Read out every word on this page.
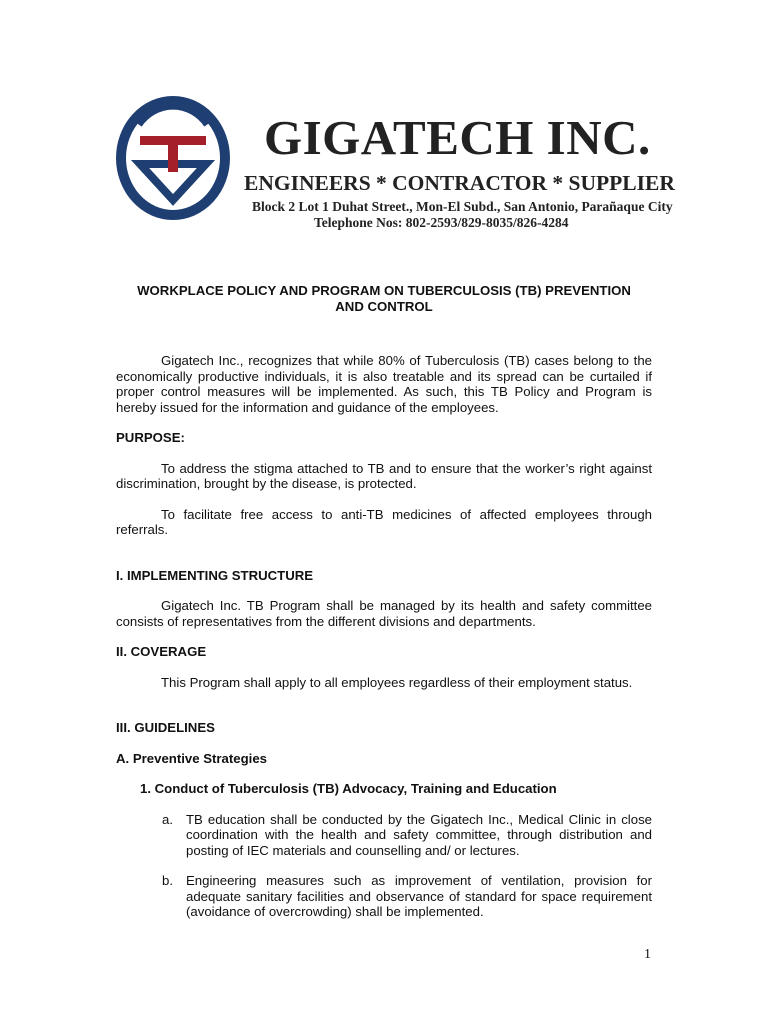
GIGATECH INC.
ENGINEERS * CONTRACTOR * SUPPLIER
Block 2 Lot 1 Duhat Street., Mon-El Subd., San Antonio, Parañaque City
Telephone Nos: 802-2593/829-8035/826-4284

WORKPLACE POLICY AND PROGRAM ON TUBERCULOSIS (TB) PREVENTION

AND CONTROL

Gigatech Inc., recognizes that while 80% of Tuberculosis (TB) cases belong to the economically productive individuals, it is also treatable and its spread can be curtailed if proper control measures will be implemented. As such, this TB Policy and Program is hereby issued for the information and guidance of the employees.

PURPOSE:

To address the stigma attached to TB and to ensure that the worker’s right against discrimination, brought by the disease, is protected.

To facilitate free access to anti-TB medicines of affected employees through referrals.

I. IMPLEMENTING STRUCTURE

Gigatech Inc. TB Program shall be managed by its health and safety committee consists of representatives from the different divisions and departments.

II. COVERAGE

This Program shall apply to all employees regardless of their employment status.

III. GUIDELINES

A. Preventive Strategies

1. Conduct of Tuberculosis (TB) Advocacy, Training and Education

a. TB education shall be conducted by the Gigatech Inc., Medical Clinic in close coordination with the health and safety committee, through distribution and posting of IEC materials and counselling and/ or lectures.
b. Engineering measures such as improvement of ventilation, provision for adequate sanitary facilities and observance of standard for space requirement (avoidance of overcrowding) shall be implemented.
1
